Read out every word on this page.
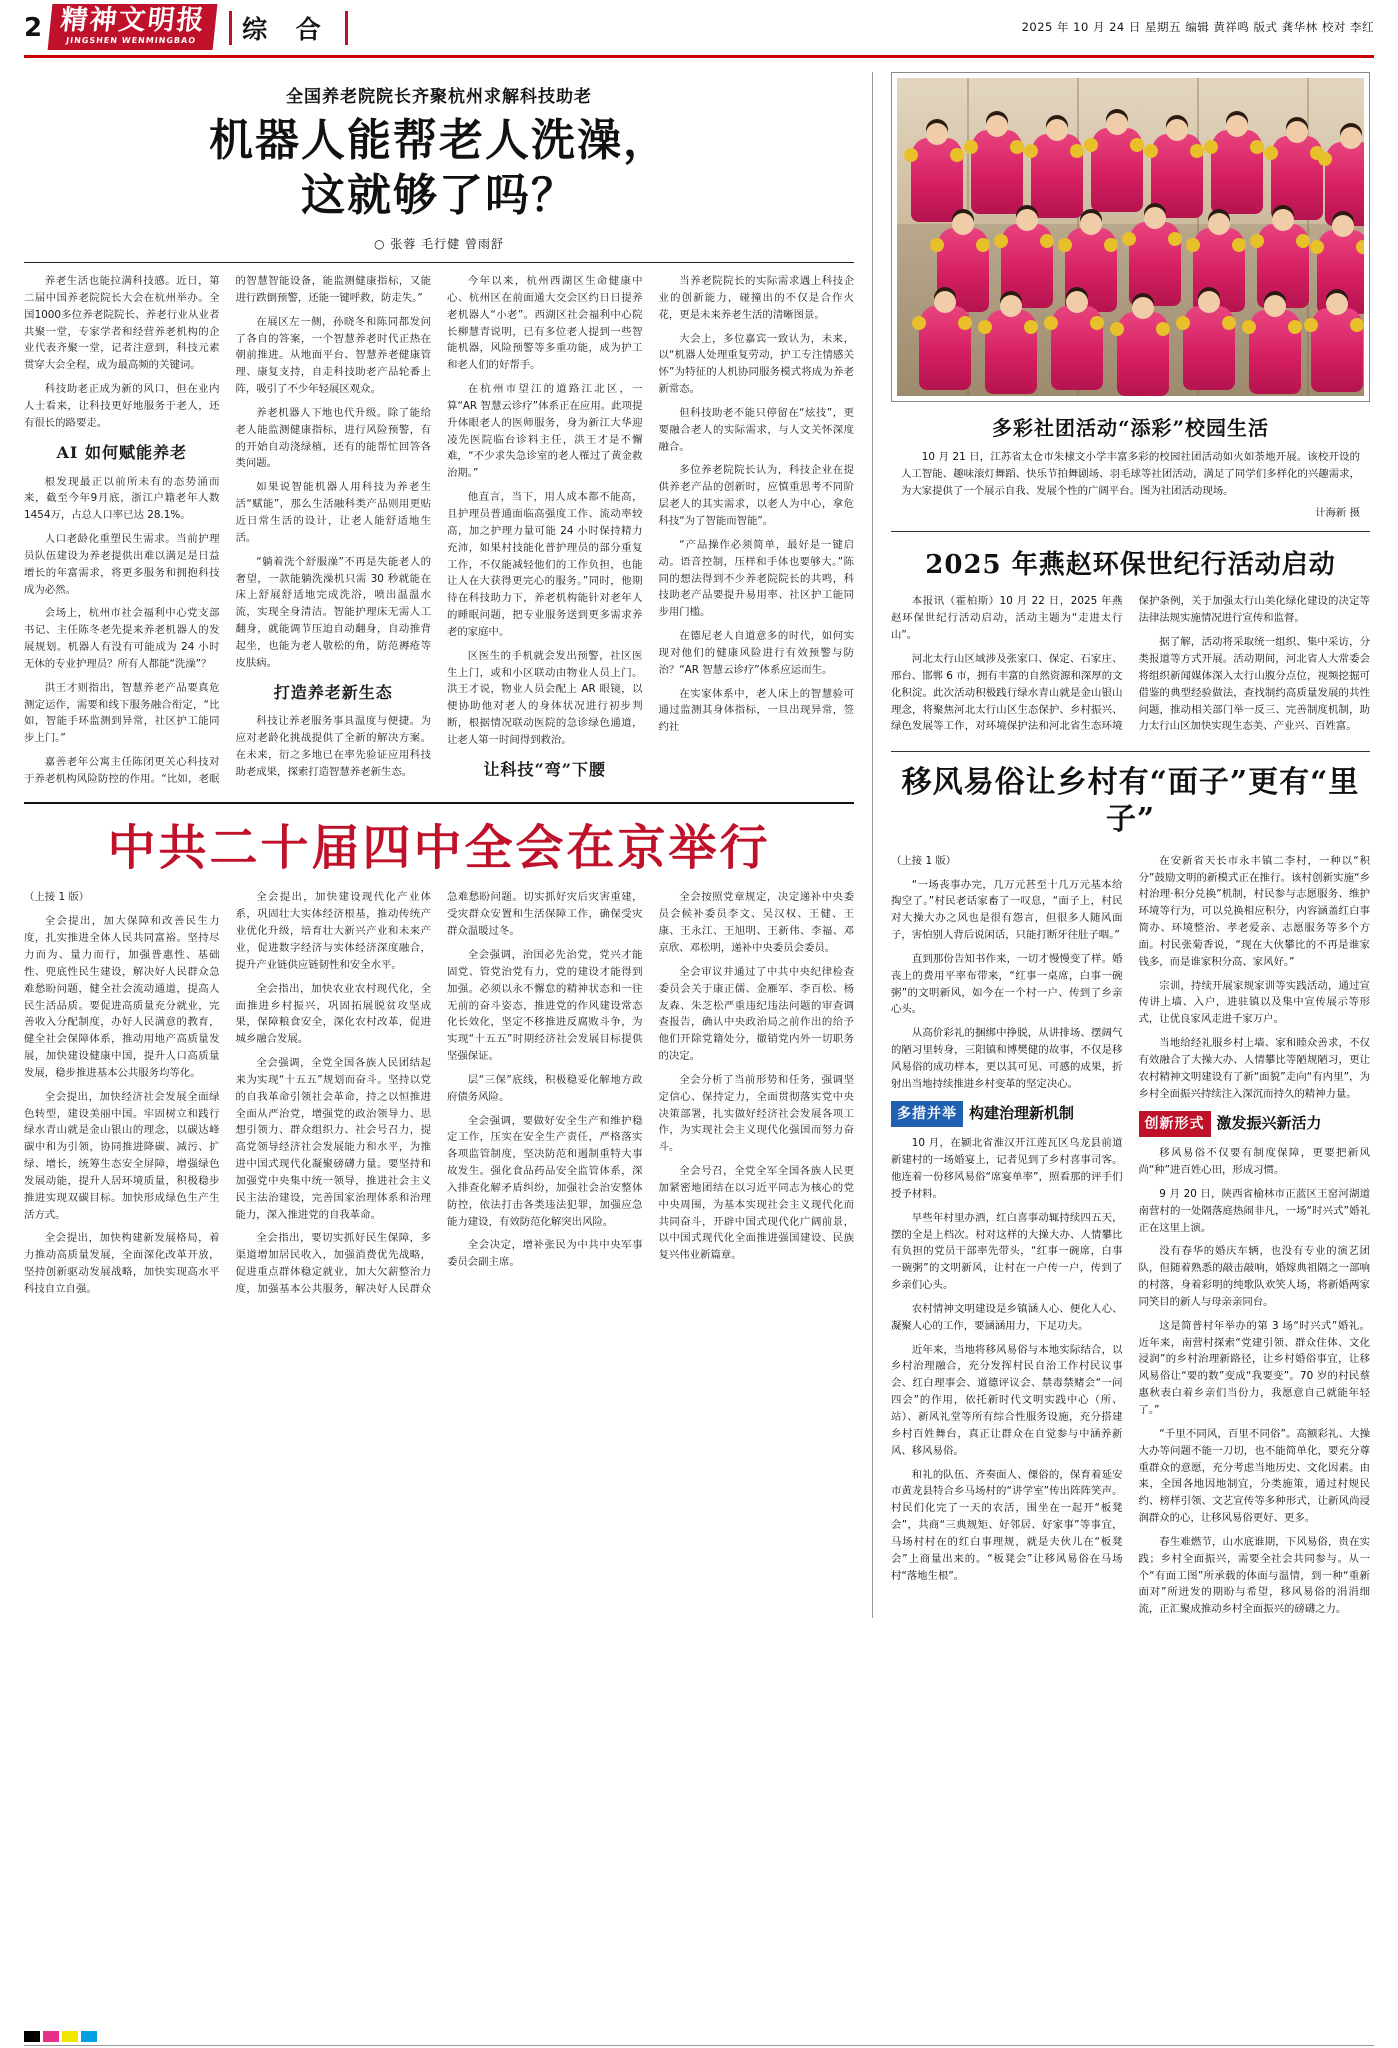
2 精神文明报
JINGSHEN WENMINGBAO 综 合	2025 年 10 月 24 日 星期五 编辑 黄祥鸣 版式 龚华林 校对 李红
全国养老院院长齐聚杭州求解科技助老
机器人能帮老人洗澡，
这就够了吗？
○ 张蓉 毛行健 曾雨舒

养老生活也能拉满科技感。近日，第二届中国养老院院长大会在杭州举办。全国1000多位养老院院长、养老行业从业者共聚一堂，专家学者和经营养老机构的企业代表齐聚一堂，记者注意到，科技元素贯穿大会全程，成为最高频的关键词。

科技助老正成为新的风口，但在业内人士看来，让科技更好地服务于老人，还有很长的路要走。

AI 如何赋能养老

根发现最正以前所未有的态势涌而来，截至今年9月底，浙江户籍老年人数1454万，占总人口率已达 28.1%。

人口老龄化重塑民生需求。当前护理员队伍建设为养老提供出难以满足是日益增长的年富需求，将更多服务和拥抱科技成为必然。

会场上，杭州市社会福利中心党支部书记、主任陈冬老先提来养老机器人的发展规划。机器人有没有可能成为 24 小时无休的专业护理员？所有人都能“洗澡”？

洪王才则指出，智慧养老产品要真危测定运作，需要和线下服务融合衔定，“比如，智能手环监测到异常，社区护工能同步上门。”

嘉善老年公寓主任陈闭更关心科技对于养老机构风险防控的作用。“比如，老眠的智慧智能设备，能监测健康指标，又能进行跌倒预警，还能一键呼救，防走失。”

在展区左一侧，孙晓冬和陈同都发问了各自的答案，一个智慧养老时代正热在朝前推进。从地面平台、智慧养老健康管理、康复支持，自走科技助老产品轮番上阵，吸引了不少年轻展区观众。

养老机器人下地也代升级。除了能给老人能监测健康指标，进行风险预警，有的开始自动浇绿植，还有的能帮忙回答各类问题。

如果说智能机器人用科技为养老生活“赋能”，那么生活融科类产品则用更贴近日常生活的设计，让老人能舒适地生活。

“躺着洗个舒服澡”不再是失能老人的奢望，一款能躺洗澡机只需 30 秒就能在床上舒展舒适地完成洗浴，喷出温温水流，实现全身清洁。智能护理床无需人工翻身，就能调节压迫自动翻身，自动推背起坐，也能为老人敬松的角，防范褥疮等皮肤病。

打造养老新生态

科技让养老服务事具温度与便捷。为应对老龄化挑战提供了全新的解决方案。在未来，衍之多地已在率先验证应用科技助老成果，探索打造智慧养老新生态。

今年以来，杭州西湖区生命健康中心、杭州区在前面通大交会区约日日提养老机器人“小老”。西湖区社会福利中心院长柳慧青说明，已有多位老人提到一些智能机器，风险预警等多重功能，成为护工和老人们的好帮手。

在杭州市望江的道路江北区，一算“AR 智慧云诊疗”体系正在应用。此项提升体眼老人的医师服务，身为新江大华迎凌先医院临台诊料主任，洪王才是不懈难，“不少求失急诊室的老人罹过了黄金救治期。”

他直言，当下，用人成本都不能高，且护理员普通面临高强度工作、流动率较高，加之护理力量可能 24 小时保持精力充沛，如果村技能化普护理员的部分重复工作，不仅能减轻他们的工作负担，也能让人在大获得更完心的服务。”同时，他期待在科技助力下，养老机构能针对老年人的睡眠问题，把专业服务送到更多需求养老的家庭中。

区医生的手机就会发出预警，社区医生上门，或和小区联动由物业人员上门。洪王才说，物业人员会配上 AR 眼镜，以便协助他对老人的身体状况进行初步判断，根据情况联动医院的急诊绿色通道，让老人第一时间得到救治。

让科技“弯”下腰

当养老院院长的实际需求遇上科技企业的创新能力，碰撞出的不仅是合作火花，更是未来养老生活的清晰图景。

大会上，多位嘉宾一致认为，未来，以“机器人处理重复劳动，护工专注情感关怀”为特征的人机协同服务模式将成为养老新常态。

但科技助老不能只停留在“炫技”，更要融合老人的实际需求，与人文关怀深度融合。

多位养老院院长认为，科技企业在提供养老产品的创新时，应慎重思考不同阶层老人的其实需求，以老人为中心，拿危科技“为了智能而智能”。

“产品操作必须简单，最好是一键启动。语音控制，压样和手体也要够大。”陈同的想法得到不少养老院院长的共鸣，科技助老产品要提升易用率、社区护工能同步用门槛。

在德尼老人自道意多的时代，如何实现对他们的健康风险进行有效预警与防治？“AR 智慧云诊疗”体系应运而生。

在实家体系中，老人床上的智慧验可通过监测其身体指标，一旦出现异常，签约社

中共二十届四中全会在京举行

（上接 1 版）

全会提出，加大保障和改善民生力度，扎实推进全体人民共同富裕。坚持尽力而为、量力而行，加强普惠性、基础性、兜底性民生建设，解决好人民群众急难愁盼问题，健全社会流动通道，提高人民生活品质。要促进高质量充分就业，完善收入分配制度，办好人民满意的教育，健全社会保障体系，推动用地产高质量发展，加快建设健康中国，提升人口高质量发展，稳步推进基本公共服务均等化。

全会提出，加快经济社会发展全面绿色转型，建设美丽中国。牢固树立和践行绿水青山就是金山银山的理念，以碳达峰碳中和为引领，协同推进降碳、减污、扩绿、增长，统筹生态安全屏障，增强绿色发展动能，提升人居环境质量，积极稳步推进实现双碳目标。加快形成绿色生产生活方式。

全会提出，加快构建新发展格局，着力推动高质量发展，全面深化改革开放，坚持创新驱动发展战略，加快实现高水平科技自立自强。

全会提出，加快建设现代化产业体系，巩固壮大实体经济根基，推动传统产业优化升级，培育壮大新兴产业和未来产业，促进数字经济与实体经济深度融合，提升产业链供应链韧性和安全水平。

全会指出，加快农业农村现代化，全面推进乡村振兴，巩固拓展脱贫攻坚成果，保障粮食安全，深化农村改革，促进城乡融合发展。

全会强调，全党全国各族人民团结起来为实现“十五五”规划而奋斗。坚持以党的自我革命引领社会革命，持之以恒推进全面从严治党，增强党的政治领导力、思想引领力、群众组织力、社会号召力，提高党领导经济社会发展能力和水平，为推进中国式现代化凝聚磅礴力量。要坚持和加强党中央集中统一领导，推进社会主义民主法治建设，完善国家治理体系和治理能力，深入推进党的自我革命。

全会指出，要切实抓好民生保障，多渠道增加居民收入，加强消费优先战略，促进重点群体稳定就业，加大欠薪整治力度，加强基本公共服务，解决好人民群众急难愁盼问题。切实抓好灾后灾害重建，受灾群众安置和生活保障工作，确保受灾群众温暖过冬。

全会强调，治国必先治党，党兴才能固党、管党治党有力，党的建设才能得到加强。必须以永不懈怠的精神状态和一往无前的奋斗姿态，推进党的作风建设常态化长效化，坚定不移推进反腐败斗争，为实现“十五五”时期经济社会发展目标提供坚强保证。

层“三保”底线，积极稳妥化解地方政府债务风险。

全会强调，要做好安全生产和维护稳定工作，压实在安全生产责任，严格落实各项监管制度，坚决防范和遏制重特大事故发生。强化食品药品安全监管体系，深入排查化解矛盾纠纷，加强社会治安整体防控，依法打击各类违法犯罪，加强应急能力建设，有效防范化解突出风险。

全会决定，增补张民为中共中央军事委员会副主席。

全会按照党章规定，决定递补中央委员会候补委员李文、吴汉权、王健、王康、王永江、王旭明、王新伟、李福、邓京欣、邓松明，递补中央委员会委员。

全会审议并通过了中共中央纪律检查委员会关于康正儒、金雁军、李百松、杨友森、朱芝松严重违纪违法问题的审查调查报告，确认中央政治局之前作出的给予他们开除党籍处分，撤销党内外一切职务的决定。

全会分析了当前形势和任务，强调坚定信心、保持定力，全面贯彻落实党中央决策部署，扎实做好经济社会发展各项工作，为实现社会主义现代化强国而努力奋斗。

全会号召，全党全军全国各族人民更加紧密地团结在以习近平同志为核心的党中央周围，为基本实现社会主义现代化而共同奋斗，开辟中国式现代化广阔前景，以中国式现代化全面推进强国建设、民族复兴伟业新篇章。

多彩社团活动“添彩”校园生活
10 月 21 日，江苏省太仓市朱棣文小学丰富多彩的校园社团活动如火如荼地开展。该校开设的人工智能、趣味滚灯舞蹈、快乐节拍舞剧场、羽毛球等社团活动，满足了同学们多样化的兴趣需求，为大家提供了一个展示自我、发展个性的广阔平台。图为社团活动现场。
计海新 摄
2025 年燕赵环保世纪行活动启动

本报讯（霍柏斯）10 月 22 日，2025 年燕赵环保世纪行活动启动，活动主题为“走进太行山”。

河北太行山区域涉及张家口、保定、石家庄、邢台、邯郸 6 市，拥有丰富的自然资源和深厚的文化积淀。此次活动积极践行绿水青山就是金山银山理念，将聚焦河北太行山区生态保护、乡村振兴、绿色发展等工作，对环境保护法和河北省生态环境保护条例，关于加强太行山美化绿化建设的决定等法律法规实施情况进行宣传和监督。

据了解，活动将采取统一组织、集中采访，分类报道等方式开展。活动期间，河北省人大常委会将组织新闻媒体深入太行山腹分点位，视频挖掘可借鉴的典型经验做法，查找制约高质量发展的共性问题，推动相关部门举一反三、完善制度机制，助力太行山区加快实现生态美、产业兴、百姓富。

移风易俗让乡村有“面子”更有“里子”

（上接 1 版）

“一场丧事办完，几万元甚至十几万元基本给掏空了。”村民老话家畜了一叹息，“面子上，村民对大操大办之风也是很有怨言，但很多人随风面子，害怕别人背后说闲话，只能打断牙往肚子咽。”

直到那份告知书作来，一切才慢慢变了样。婚丧上的费用平率布带来，“红事一桌席，白事一碗粥”的文明新风，如今在一个村一户、传到了乡亲心头。

从高价彩礼的捆绑中挣脱，从讲排场、摆阔气的陋习里转身，三阳镇和博樊健的故事，不仅是移风易俗的成功样本，更以其可见、可感的成果，折射出当地持续推进乡村变革的坚定决心。

多措并举 构建治理新机制

10 月，在颍北省淮汉开江莲瓦区乌龙县前道新建村的一场婚宴上，记者见到了乡村喜事司客。他连着一份移风易俗“席宴单率”，照看那的评手们授予材料。

早些年村里办酒，红白喜事动辄持续四五天，摆的全是上档次。村对这样的大操大办、人情攀比有负担的党员干部率先带头，“红事一碗席，白事一碗粥”的文明新风，让村在一户传一户，传到了乡亲们心头。

农村情神文明建设是乡镇涵人心、便化人心、凝聚人心的工作，要涵涵用力，下足功夫。

近年来，当地将移风易俗与本地实际结合，以乡村治理融合，充分发挥村民自治工作村民议事会、红白理事会、道德评议会、禁毒禁赌会“一问四会”的作用，依托新时代文明实践中心（所、站）、新风礼堂等所有综合性服务设施，充分搭建乡村百姓舞台，真正让群众在自觉参与中涵养新风、移风易俗。

和礼的队伍、齐奏面人、傈俗的，保育着延安市黄龙县特合乡马场村的“讲学室”传出阵阵笑声。村民们化完了一天的农活，围坐在一起开“板凳会”，共商“三典规矩、好邻居、好家事”等事宜，马场村村在的红白事理规，就是夫伙儿在“板凳会”上商量出来的。“板凳会”让移风易俗在马场村“落地生根”。

在安新省天长市永丰镇二李村，一种以“积分”鼓励文明的新模式正在推行。该村创新实施“乡村治理·积分兑换”机制，村民参与志愿服务、维护环境等行为，可以兑换相应积分，内容涵盖红白事简办、环境整治、孝老爱亲、志愿服务等多个方面。村民张菊香说，“现在大伙攀比的不再是谁家钱多，而是谁家积分高、家风好。”

宗训，持续开展家规家训等实践活动，通过宣传讲上墙、入户，进驻镇以及集中宣传展示等形式，让优良家风走进千家万户。

当地给经礼服乡村上墙、家和睦众善求，不仅有效融合了大操大办、人情攀比等陋规陋习，更让农村精神文明建设有了新“面貌”走向“有内里”，为乡村全面振兴持续注入深沉而持久的精神力量。

创新形式 激发振兴新活力

移风易俗不仅要有制度保障，更要把新风尚“种”进百姓心田，形成习惯。

9 月 20 日，陕西省榆林市正蓝区王窑河湖道南营村的一处隔落庭热闹非凡，一场“时兴式”婚礼正在这里上演。

没有春华的婚庆车辆，也没有专业的演艺团队，但随着熟悉的敲击敲响，婚嫁典祖隔之一部响的村落，身着彩明的纯歌队欢笑人场，将新婚两家同笑目的新人与母亲亲同台。

这是简普村年举办的第 3 场“时兴式”婚礼。近年来，南营村探索“党建引领、群众住体、文化浸润”的乡村治理新路径，让乡村婚俗事宜，让移风易俗让“要的数”变成“我要变”。70 岁的村民蔡惠秋表白着乡亲们当份力，我愿意自己就能年轻了。”

“千里不同风，百里不同俗”。高额彩礼、大操大办等问题不能一刀切，也不能简单化，要充分尊重群众的意愿，充分考虑当地历史、文化因素。由来，全国各地因地制宜，分类施策，通过村规民约、榜样引领、文艺宣传等多种形式，让新风尚浸润群众的心，让移风易俗更好、更多。

春生难燃节，山水底谁期，下风易俗，贵在实践；乡村全面振兴，需要全社会共同参与。从一个“有面工图”所承载的体面与温情，到一种“重新面对”所迸发的期盼与希望，移风易俗的涓涓细流，正汇聚成推动乡村全面振兴的磅礴之力。
